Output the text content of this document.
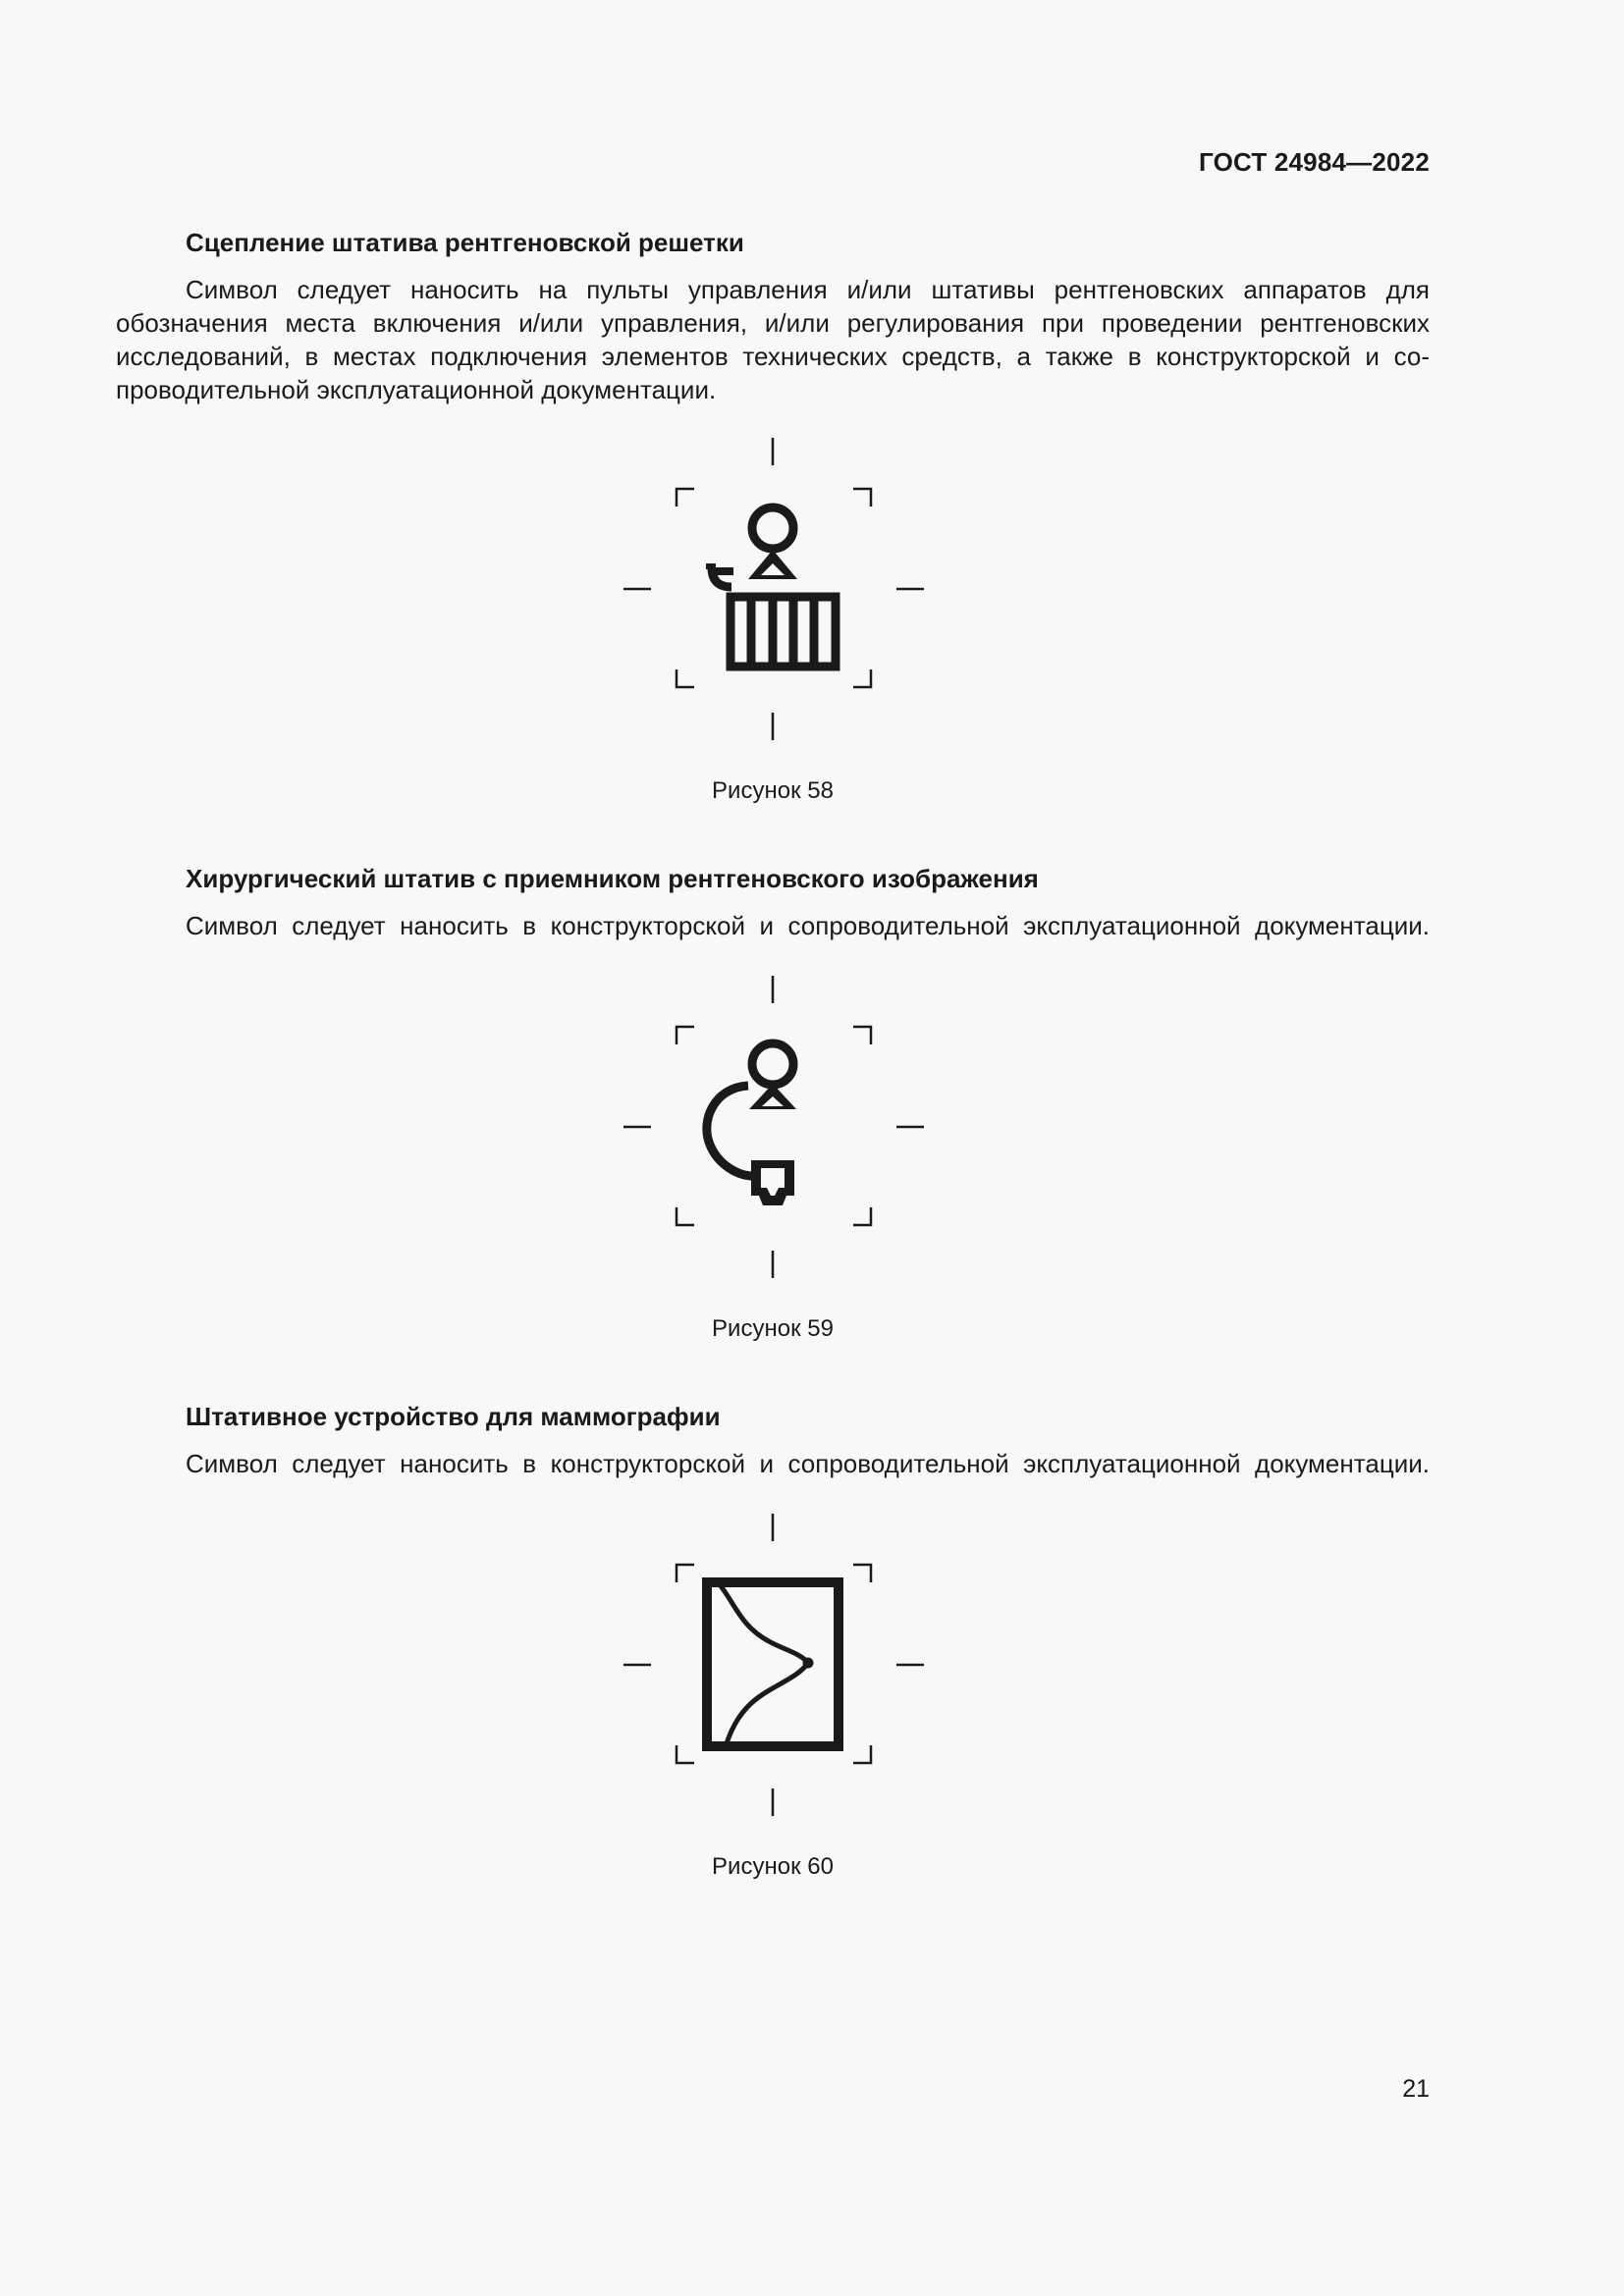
ГОСТ 24984—2022
Сцепление штатива рентгеновской решетки
Символ следует наносить на пульты управления и/или штативы рентгеновских аппаратов для
обозначения места включения и/или управления, и/или регулирования при проведении рентгеновских
исследований, в местах подключения элементов технических средств, а также в конструкторской и со-
проводительной эксплуатационной документации.
Рисунок 58
Хирургический штатив с приемником рентгеновского изображения
Символ следует наносить в конструкторской и сопроводительной эксплуатационной документации.
Рисунок 59
Штативное устройство для маммографии
Символ следует наносить в конструкторской и сопроводительной эксплуатационной документации.
Рисунок 60
21
